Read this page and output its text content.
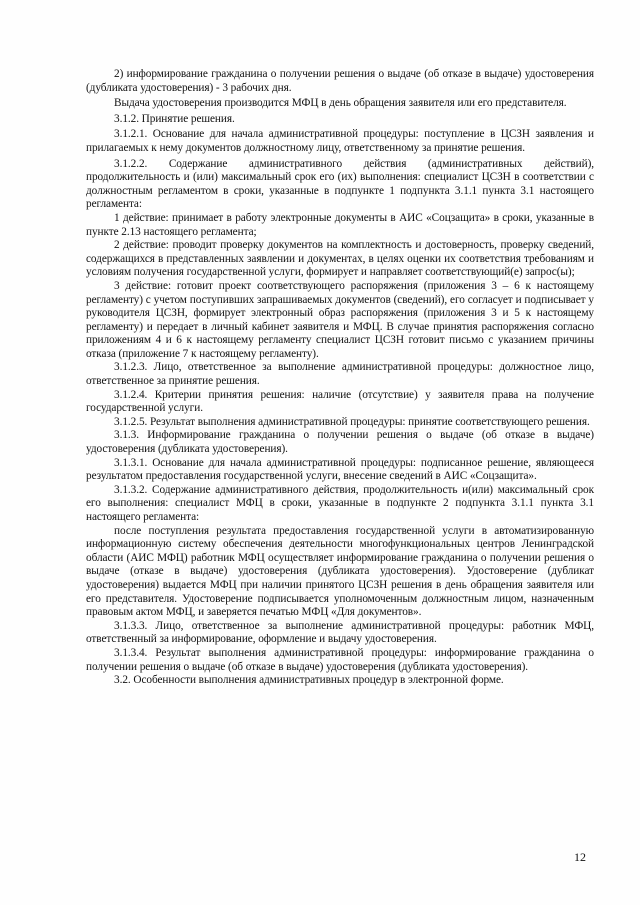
2) информирование гражданина о получении решения о выдаче (об отказе в выдаче) удостоверения (дубликата удостоверения) - 3 рабочих дня.

Выдача удостоверения производится МФЦ в день обращения заявителя или его представителя.

3.1.2. Принятие решения.

3.1.2.1. Основание для начала административной процедуры: поступление в ЦСЗН заявления и прилагаемых к нему документов должностному лицу, ответственному за принятие решения.

3.1.2.2. Содержание административного действия (административных действий), продолжительность и (или) максимальный срок его (их) выполнения: специалист ЦСЗН в соответствии с должностным регламентом в сроки, указанные в подпункте 1 подпункта 3.1.1 пункта 3.1 настоящего регламента:

1 действие: принимает в работу электронные документы в АИС «Соцзащита» в сроки, указанные в пункте 2.13 настоящего регламента;

2 действие: проводит проверку документов на комплектность и достоверность, проверку сведений, содержащихся в представленных заявлении и документах, в целях оценки их соответствия требованиям и условиям получения государственной услуги, формирует и направляет соответствующий(е) запрос(ы);

3 действие: готовит проект соответствующего распоряжения (приложения 3 – 6 к настоящему регламенту) с учетом поступивших запрашиваемых документов (сведений), его согласует и подписывает у руководителя ЦСЗН, формирует электронный образ распоряжения (приложения 3 и 5 к настоящему регламенту) и передает в личный кабинет заявителя и МФЦ. В случае принятия распоряжения согласно приложениям 4 и 6 к настоящему регламенту специалист ЦСЗН готовит письмо с указанием причины отказа (приложение 7 к настоящему регламенту).

3.1.2.3. Лицо, ответственное за выполнение административной процедуры: должностное лицо, ответственное за принятие решения.

3.1.2.4. Критерии принятия решения: наличие (отсутствие) у заявителя права на получение государственной услуги.

3.1.2.5. Результат выполнения административной процедуры: принятие соответствующего решения.

3.1.3. Информирование гражданина о получении решения о выдаче (об отказе в выдаче) удостоверения (дубликата удостоверения).

3.1.3.1. Основание для начала административной процедуры: подписанное решение, являющееся результатом предоставления государственной услуги, внесение сведений в АИС «Соцзащита».

3.1.3.2. Содержание административного действия, продолжительность и(или) максимальный срок его выполнения: специалист МФЦ в сроки, указанные в подпункте 2 подпункта 3.1.1 пункта 3.1 настоящего регламента:

после поступления результата предоставления государственной услуги в автоматизированную информационную систему обеспечения деятельности многофункциональных центров Ленинградской области (АИС МФЦ) работник МФЦ осуществляет информирование гражданина о получении решения о выдаче (отказе в выдаче) удостоверения (дубликата удостоверения). Удостоверение (дубликат удостоверения) выдается МФЦ при наличии принятого ЦСЗН решения в день обращения заявителя или его представителя. Удостоверение подписывается уполномоченным должностным лицом, назначенным правовым актом МФЦ, и заверяется печатью МФЦ «Для документов».

3.1.3.3. Лицо, ответственное за выполнение административной процедуры: работник МФЦ, ответственный за информирование, оформление и выдачу удостоверения.

3.1.3.4. Результат выполнения административной процедуры: информирование гражданина о получении решения о выдаче (об отказе в выдаче) удостоверения (дубликата удостоверения).

3.2. Особенности выполнения административных процедур в электронной форме.

12
